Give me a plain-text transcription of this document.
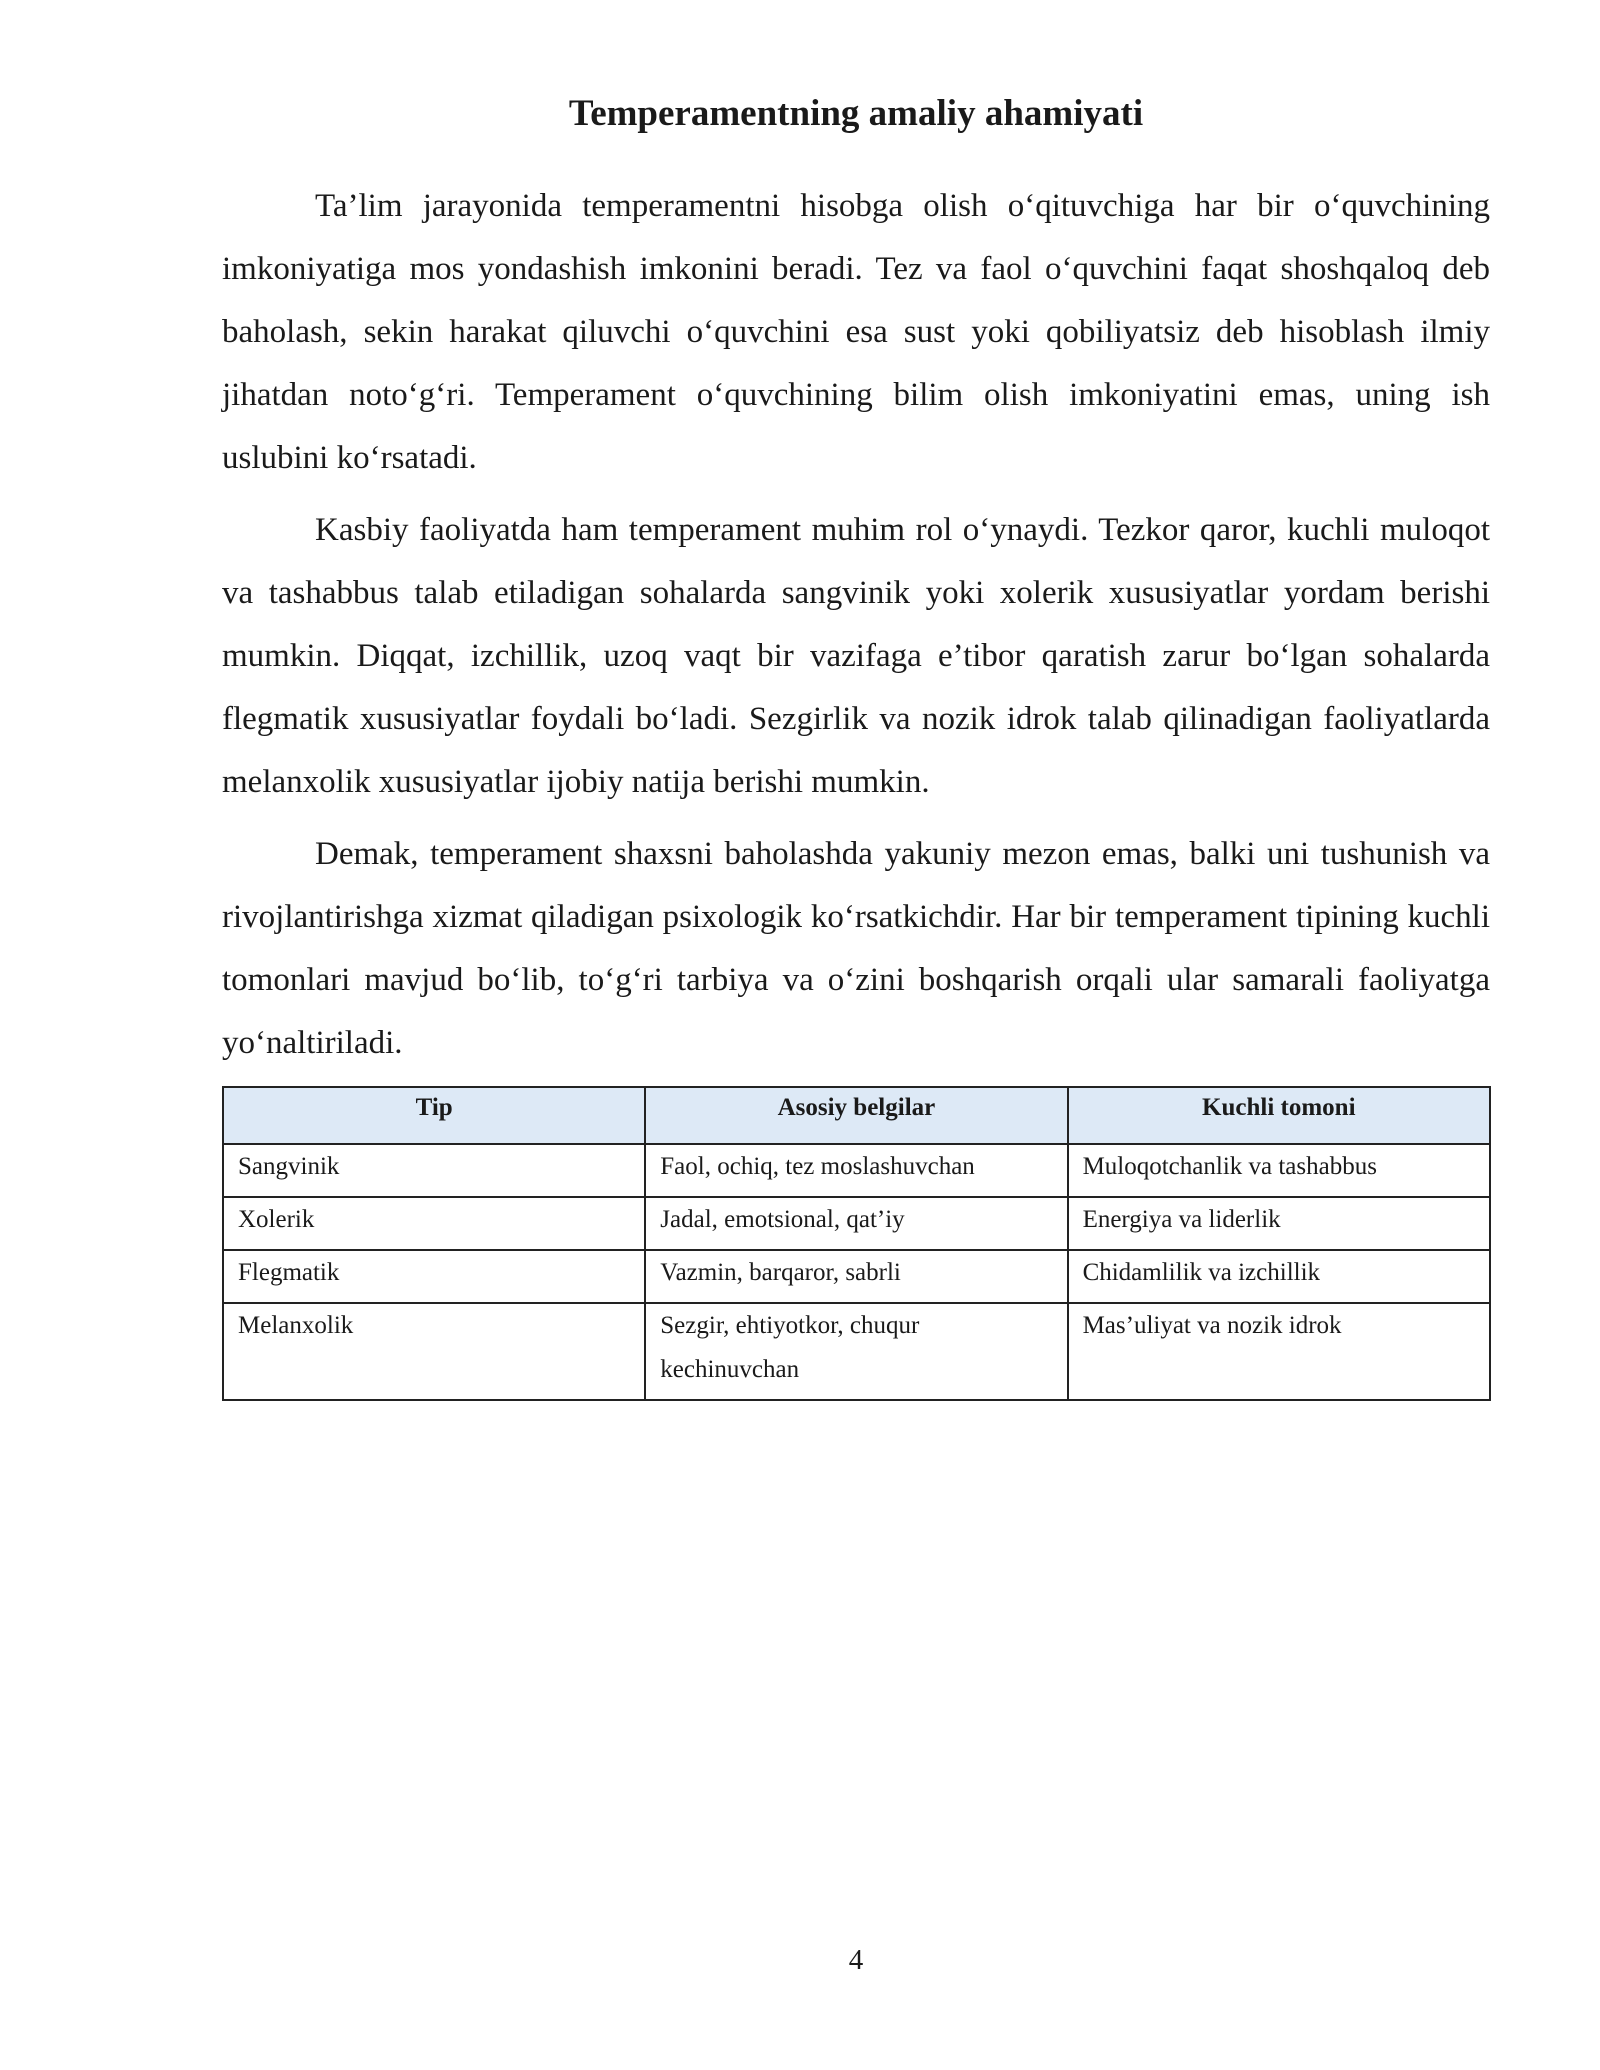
Temperamentning amaliy ahamiyati

Ta’lim jarayonida temperamentni hisobga olish o‘qituvchiga har bir o‘quvchining imkoniyatiga mos yondashish imkonini beradi. Tez va faol o‘quvchini faqat shoshqaloq deb baholash, sekin harakat qiluvchi o‘quvchini esa sust yoki qobiliyatsiz deb hisoblash ilmiy jihatdan noto‘g‘ri. Temperament o‘quvchining bilim olish imkoniyatini emas, uning ish uslubini ko‘rsatadi.

Kasbiy faoliyatda ham temperament muhim rol o‘ynaydi. Tezkor qaror, kuchli muloqot va tashabbus talab etiladigan sohalarda sangvinik yoki xolerik xususiyatlar yordam berishi mumkin. Diqqat, izchillik, uzoq vaqt bir vazifaga e’tibor qaratish zarur bo‘lgan sohalarda flegmatik xususiyatlar foydali bo‘ladi. Sezgirlik va nozik idrok talab qilinadigan faoliyatlarda melanxolik xususiyatlar ijobiy natija berishi mumkin.

Demak, temperament shaxsni baholashda yakuniy mezon emas, balki uni tushunish va rivojlantirishga xizmat qiladigan psixologik ko‘rsatkichdir. Har bir temperament tipining kuchli tomonlari mavjud bo‘lib, to‘g‘ri tarbiya va o‘zini boshqarish orqali ular samarali faoliyatga yo‘naltiriladi.

Tip	Asosiy belgilar	Kuchli tomoni
Sangvinik	Faol, ochiq, tez moslashuvchan	Muloqotchanlik va tashabbus
Xolerik	Jadal, emotsional, qat’iy	Energiya va liderlik
Flegmatik	Vazmin, barqaror, sabrli	Chidamlilik va izchillik
Melanxolik	Sezgir, ehtiyotkor, chuqur kechinuvchan	Mas’uliyat va nozik idrok
4
